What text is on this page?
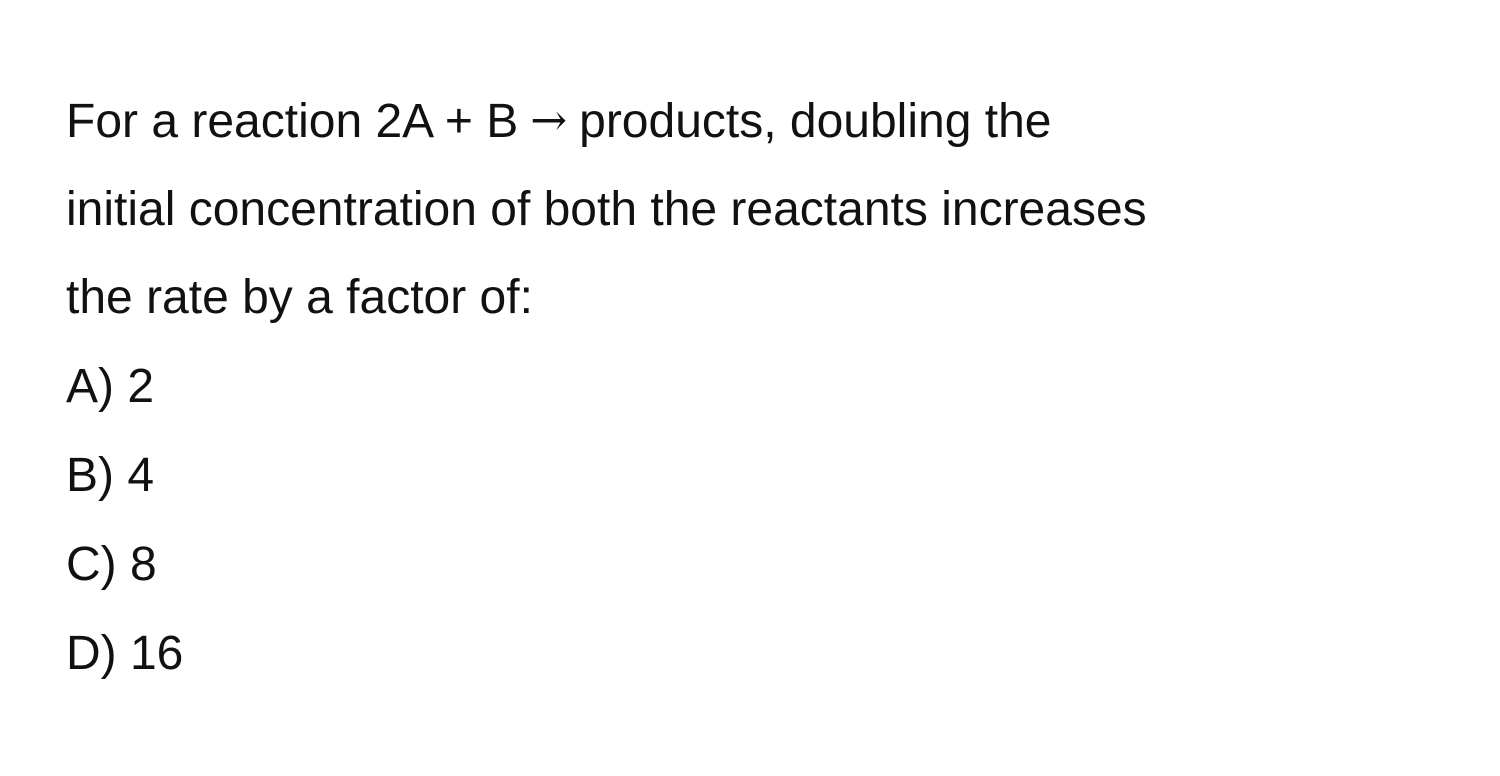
For a reaction 2A + B → products, doubling the
initial concentration of both the reactants increases
the rate by a factor of:
A) 2
B) 4
C) 8
D) 16
